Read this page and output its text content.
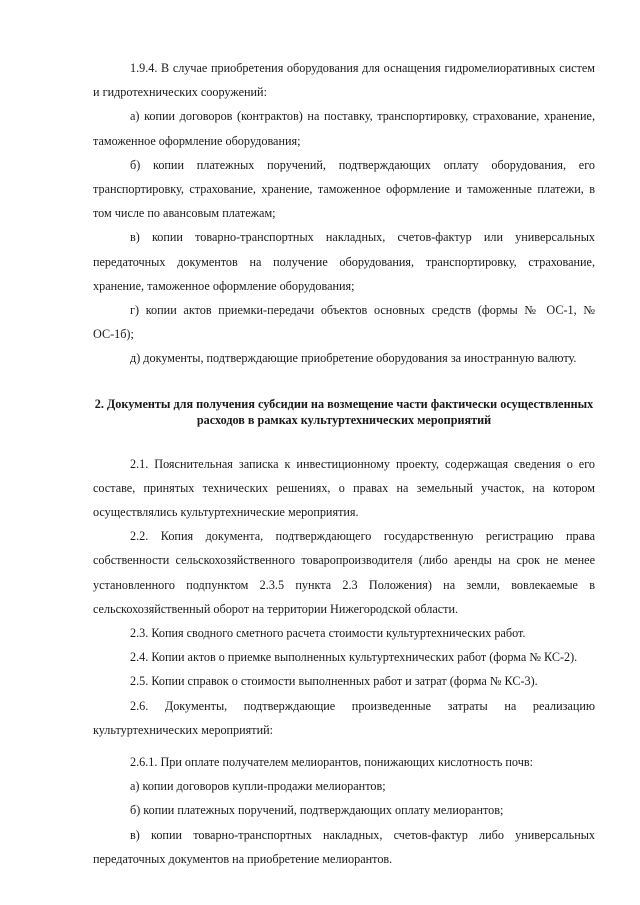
1.9.4. В случае приобретения оборудования для оснащения гидромелиоративных систем и гидротехнических сооружений:

а) копии договоров (контрактов) на поставку, транспортировку, страхование, хранение, таможенное оформление оборудования;

б) копии платежных поручений, подтверждающих оплату оборудования, его транспортировку, страхование, хранение, таможенное оформление и таможенные платежи, в том числе по авансовым платежам;

в) копии товарно-транспортных накладных, счетов-фактур или универсальных передаточных документов на получение оборудования, транспортировку, страхование, хранение, таможенное оформление оборудования;

г) копии актов приемки-передачи объектов основных средств (формы № ОС-1, № ОС-1б);

д) документы, подтверждающие приобретение оборудования за иностранную валюту.

2. Документы для получения субсидии на возмещение части фактически осуществленных
расходов в рамках культуртехнических мероприятий

2.1. Пояснительная записка к инвестиционному проекту, содержащая сведения о его составе, принятых технических решениях, о правах на земельный участок, на котором осуществлялись культуртехнические мероприятия.

2.2. Копия документа, подтверждающего государственную регистрацию права собственности сельскохозяйственного товаропроизводителя (либо аренды на срок не менее установленного подпунктом 2.3.5 пункта 2.3 Положения) на земли, вовлекаемые в сельскохозяйственный оборот на территории Нижегородской области.

2.3. Копия сводного сметного расчета стоимости культуртехнических работ.

2.4. Копии актов о приемке выполненных культуртехнических работ (форма № КС-2).

2.5. Копии справок о стоимости выполненных работ и затрат (форма № КС-3).

2.6. Документы, подтверждающие произведенные затраты на реализацию культуртехнических мероприятий:

2.6.1. При оплате получателем мелиорантов, понижающих кислотность почв:

а) копии договоров купли-продажи мелиорантов;

б) копии платежных поручений, подтверждающих оплату мелиорантов;

в) копии товарно-транспортных накладных, счетов-фактур либо универсальных передаточных документов на приобретение мелиорантов.
